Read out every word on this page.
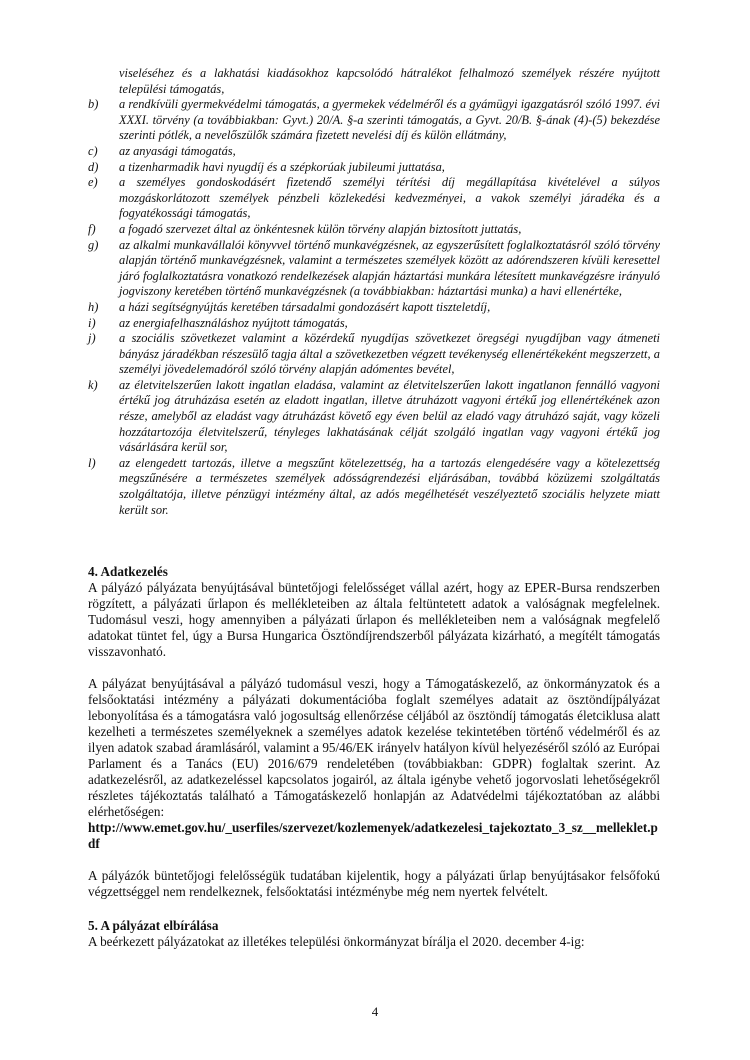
viseléséhez és a lakhatási kiadásokhoz kapcsolódó hátralékot felhalmozó személyek részére nyújtott települési támogatás,

b) a rendkívüli gyermekvédelmi támogatás, a gyermekek védelméről és a gyámügyi igazgatásról szóló 1997. évi XXXI. törvény (a továbbiakban: Gyvt.) 20/A. §-a szerinti támogatás, a Gyvt. 20/B. §-ának (4)-(5) bekezdése szerinti pótlék, a nevelőszülők számára fizetett nevelési díj és külön ellátmány,
c) az anyasági támogatás,
d) a tizenharmadik havi nyugdíj és a szépkorúak jubileumi juttatása,
e) a személyes gondoskodásért fizetendő személyi térítési díj megállapítása kivételével a súlyos mozgáskorlátozott személyek pénzbeli közlekedési kedvezményei, a vakok személyi járadéka és a fogyatékossági támogatás,
f) a fogadó szervezet által az önkéntesnek külön törvény alapján biztosított juttatás,
g) az alkalmi munkavállalói könyvvel történő munkavégzésnek, az egyszerűsített foglalkoztatásról szóló törvény alapján történő munkavégzésnek, valamint a természetes személyek között az adórendszeren kívüli keresettel járó foglalkoztatásra vonatkozó rendelkezések alapján háztartási munkára létesített munkavégzésre irányuló jogviszony keretében történő munkavégzésnek (a továbbiakban: háztartási munka) a havi ellenértéke,
h) a házi segítségnyújtás keretében társadalmi gondozásért kapott tiszteletdíj,
i) az energiafelhasználáshoz nyújtott támogatás,
j) a szociális szövetkezet valamint a közérdekű nyugdíjas szövetkezet öregségi nyugdíjban vagy átmeneti bányász járadékban részesülő tagja által a szövetkezetben végzett tevékenység ellenértékeként megszerzett, a személyi jövedelemadóról szóló törvény alapján adómentes bevétel,
k) az életvitelszerűen lakott ingatlan eladása, valamint az életvitelszerűen lakott ingatlanon fennálló vagyoni értékű jog átruházása esetén az eladott ingatlan, illetve átruházott vagyoni értékű jog ellenértékének azon része, amelyből az eladást vagy átruházást követő egy éven belül az eladó vagy átruházó saját, vagy közeli hozzátartozója életvitelszerű, tényleges lakhatásának célját szolgáló ingatlan vagy vagyoni értékű jog vásárlására kerül sor,
l) az elengedett tartozás, illetve a megszűnt kötelezettség, ha a tartozás elengedésére vagy a kötelezettség megszűnésére a természetes személyek adósságrendezési eljárásában, továbbá közüzemi szolgáltatás szolgáltatója, illetve pénzügyi intézmény által, az adós megélhetését veszélyeztető szociális helyzete miatt került sor.

4. Adatkezelés

A pályázó pályázata benyújtásával büntetőjogi felelősséget vállal azért, hogy az EPER-Bursa rendszerben rögzített, a pályázati űrlapon és mellékleteiben az általa feltüntetett adatok a valóságnak megfelelnek. Tudomásul veszi, hogy amennyiben a pályázati űrlapon és mellékleteiben nem a valóságnak megfelelő adatokat tüntet fel, úgy a Bursa Hungarica Ösztöndíjrendszerből pályázata kizárható, a megítélt támogatás visszavonható.

A pályázat benyújtásával a pályázó tudomásul veszi, hogy a Támogatáskezelő, az önkormányzatok és a felsőoktatási intézmény a pályázati dokumentációba foglalt személyes adatait az ösztöndíjpályázat lebonyolítása és a támogatásra való jogosultság ellenőrzése céljából az ösztöndíj támogatás életciklusa alatt kezelheti a természetes személyeknek a személyes adatok kezelése tekintetében történő védelméről és az ilyen adatok szabad áramlásáról, valamint a 95/46/EK irányelv hatályon kívül helyezéséről szóló az Európai Parlament és a Tanács (EU) 2016/679 rendeletében (továbbiakban: GDPR) foglaltak szerint. Az adatkezelésről, az adatkezeléssel kapcsolatos jogairól, az általa igénybe vehető jogorvoslati lehetőségekről részletes tájékoztatás található a Támogatáskezelő honlapján az Adatvédelmi tájékoztatóban az alábbi elérhetőségen:

http://www.emet.gov.hu/_userfiles/szervezet/kozlemenyek/adatkezelesi_tajekoztato_3_sz__melleklet.pdf

A pályázók büntetőjogi felelősségük tudatában kijelentik, hogy a pályázati űrlap benyújtásakor felsőfokú végzettséggel nem rendelkeznek, felsőoktatási intézménybe még nem nyertek felvételt.

5. A pályázat elbírálása

A beérkezett pályázatokat az illetékes települési önkormányzat bírálja el 2020. december 4-ig:

4
